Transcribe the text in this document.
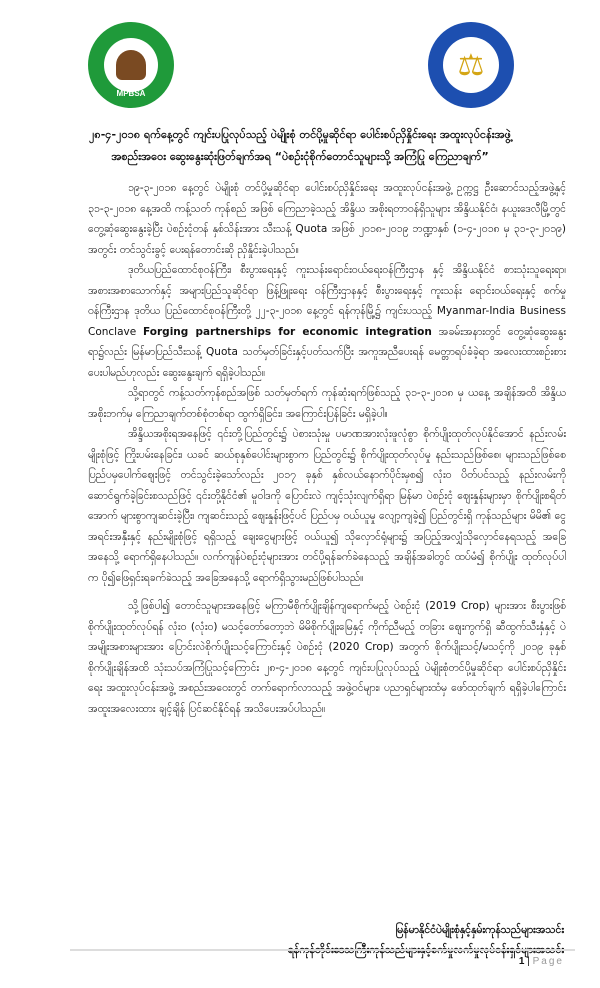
MPBSA
⚖
၂၈-၄-၂၀၁၈ ရက်နေ့တွင် ကျင်းပပြုလုပ်သည့် ပဲမျိုးစုံ တင်ပို့မှုဆိုင်ရာ ပေါင်းစပ်ညှိနှိုင်းရေး အထူးလုပ်ငန်းအဖွဲ့
အစည်းအဝေး ဆွေးနွေးဆုံးဖြတ်ချက်အရ “ပဲစဉ်းငုံစိုက်တောင်သူများသို့ အကြံပြု ကြေညာချက်”

၁၉-၃-၂၀၁၈ နေ့တွင် ပဲမျိုးစုံ တင်ပို့မှုဆိုင်ရာ ပေါင်းစပ်ညှိနှိုင်းရေး အထူးလုပ်ငန်းအဖွဲ့ ဥက္ကဋ္ဌ ဦးဆောင်သည့်အဖွဲ့နှင့် ၃၁-၃-၂၀၁၈ နေ့အထိ ကန့်သတ် ကုန်စည် အဖြစ် ကြေညာခဲ့သည့် အိန္ဒိယ အစိုးရတာဝန်ရှိသူများ အိန္ဒိယနိုင်ငံ၊ နယူးဒေလီမြို့တွင် တွေ့ဆုံဆွေးနွေးခဲ့ပြီး ပဲစဉ်းငုံတန် နှစ်သိန်းအား သီးသန့် Quota အဖြစ် ၂၀၁၈-၂၀၁၉ ဘဏ္ဍာနှစ် (၁-၄-၂၀၁၈ မှ ၃၁-၃-၂၀၁၉) အတွင်း တင်သွင်းခွင့် ပေးရန်တောင်းဆို ညှိနှိုင်းခဲ့ပါသည်။

ဒုတိယပြည်ထောင်စုဝန်ကြီး၊ စီးပွားရေးနှင့် ကူးသန်းရောင်းဝယ်ရေးဝန်ကြီးဌာန နှင့် အိန္ဒိယနိုင်ငံ စားသုံးသူရေးရာ၊ အစားအစာသောက်နှင့် အများပြည်သူဆိုင်ရာ ဖြန့်ဖြူးရေး ဝန်ကြီးဌာနနှင့် စီးပွားရေးနှင့် ကူးသန်း ရောင်းဝယ်ရေးနှင့် စက်မှုဝန်ကြီးဌာန ဒုတိယ ပြည်ထောင်စုဝန်ကြီးတို့ ၂၂-၃-၂၀၁၈ နေ့တွင် ရန်ကုန်မြို့၌ ကျင်းပသည့် Myanmar-India Business Conclave Forging partnerships for economic integration အခမ်းအနားတွင် တွေ့ဆုံဆွေးနွေးရာ၌လည်း မြန်မာပြည်သီးသန့် Quota သတ်မှတ်ခြင်းနှင့်ပတ်သက်ပြီး အကူအညီပေးရန် မေတ္တာရပ်ခံခဲ့ရာ အလေးထားစဉ်းစားပေးပါမည်ဟုလည်း ဆွေးနွေးချက် ရရှိခဲ့ပါသည်။

သို့ရာတွင် ကန့်သတ်ကုန်စည်အဖြစ် သတ်မှတ်ရက် ကုန်ဆုံးရက်ဖြစ်သည့် ၃၁-၃-၂၀၁၈ မှ ယနေ့ အချိန်အထိ အိန္ဒိယအစိုးဘက်မှ ကြေညာချက်တစ်စုံတစ်ရာ ထွက်ရှိခြင်း၊ အကြောင်းပြန်ခြင်း မရှိခဲ့ပါ။

အိန္ဒိယအစိုးရအနေဖြင့် ၎င်းတို့ပြည်တွင်း၌ ပဲစားသုံးမှု ပမာဏအားလုံးဖူလုံစွာ စိုက်ပျိုးထုတ်လုပ်နိုင်အောင် နည်းလမ်းမျိုးစုံဖြင့် ကြိုးပမ်းနေခြင်း၊ ယခင် ဆယ်စုနှစ်ပေါင်းများစွာက ပြည်တွင်း၌ စိုက်ပျိုးထုတ်လုပ်မှု နည်းသည်ဖြစ်စေ၊ များသည်ဖြစ်စေ ပြည်ပမှပေါက်ဈေးဖြင့် တင်သွင်းခဲ့သော်လည်း ၂၀၁၇ ခုနှစ် နှစ်လယ်နောက်ပိုင်းမှစ၍ လုံးဝ ပိတ်ပင်သည့် နည်းလမ်းကို ဆောင်ရွက်ခဲ့ခြင်းစသည်ဖြင့် ၎င်းတို့နိုင်ငံ၏ မူဝါဒကို ပြောင်းလဲ ကျင့်သုံးလျက်ရှိရာ မြန်မာ ပဲစဉ်းငုံ ဈေးနှုန်းများမှာ စိုက်ပျိုးစရိတ်အောက် များစွာကျဆင်းခဲ့ပြီး၊ ကျဆင်းသည့် ဈေးနှုန်းဖြင့်ပင် ပြည်ပမှ ဝယ်ယူမှု လျော့ကျခဲ့၍ ပြည်တွင်းရှိ ကုန်သည်များ မိမိ၏ ငွေအရင်းအနှီးနှင့် နည်းမျိုးစုံဖြင့် ရရှိသည့် ချေးငွေများဖြင့် ဝယ်ယူ၍ သိုလှောင်ရုံများ၌ အပြည့်အလျှံသိုလှောင်နေရသည့် အခြေ အနေသို့ ရောက်ရှိနေပါသည်။ လက်ကျန်ပဲစဉ်းငုံများအား တင်ပို့ရန်ခက်ခဲနေသည့် အချိန်အခါတွင် ထပ်မံ၍ စိုက်ပျိုး ထုတ်လုပ်ပါက ပို၍ဖြေရှင်းရခက်ခဲသည့် အခြေအနေသို့ ရောက်ရှိသွားမည်ဖြစ်ပါသည်။

သို့ဖြစ်ပါ၍ တောင်သူများအနေဖြင့် မကြာမီစိုက်ပျိုးချိန်ကျရောက်မည့် ပဲစဉ်းငုံ (2019 Crop) များအား စီးပွားဖြစ် စိုက်ပျိုးထုတ်လုပ်ရန် လုံးဝ (လုံးဝ) မသင့်တော်တော့ဘဲ မိမိစိုက်ပျိုးမြေနှင့် ကိုက်ညီမည့် တခြား ဈေးကွက်ရှိ ဆီထွက်သီးနှံနှင့် ပဲအမျိုးအစားများအား ပြောင်းလဲစိုက်ပျိုးသင့်ကြောင်းနှင့် ပဲစဉ်းငုံ (2020 Crop) အတွက် စိုက်ပျိုးသင့်/မသင့်ကို ၂၀၁၉ ခုနှစ် စိုက်ပျိုးချိန်အထိ သုံးသပ်အကြံပြုသင့်ကြောင်း ၂၈-၄-၂၀၁၈ နေ့တွင် ကျင်းပပြုလုပ်သည့် ပဲမျိုးစုံတင်ပို့မှုဆိုင်ရာ ပေါင်းစပ်ညှိနှိုင်းရေး အထူးလုပ်ငန်းအဖွဲ့ အစည်းအဝေးတွင် တက်ရောက်လာသည့် အဖွဲ့ဝင်များ၊ ပညာရှင်များထံမှ ဖော်ထုတ်ချက် ရရှိခဲ့ပါကြောင်း အထူးအလေးထား ချင့်ချိန် ပြင်ဆင်နိုင်ရန် အသိပေးအပ်ပါသည်။

မြန်မာနိုင်ငံပဲမျိုးစုံနှင့်နှမ်းကုန်သည်များအသင်း
1 | Page
